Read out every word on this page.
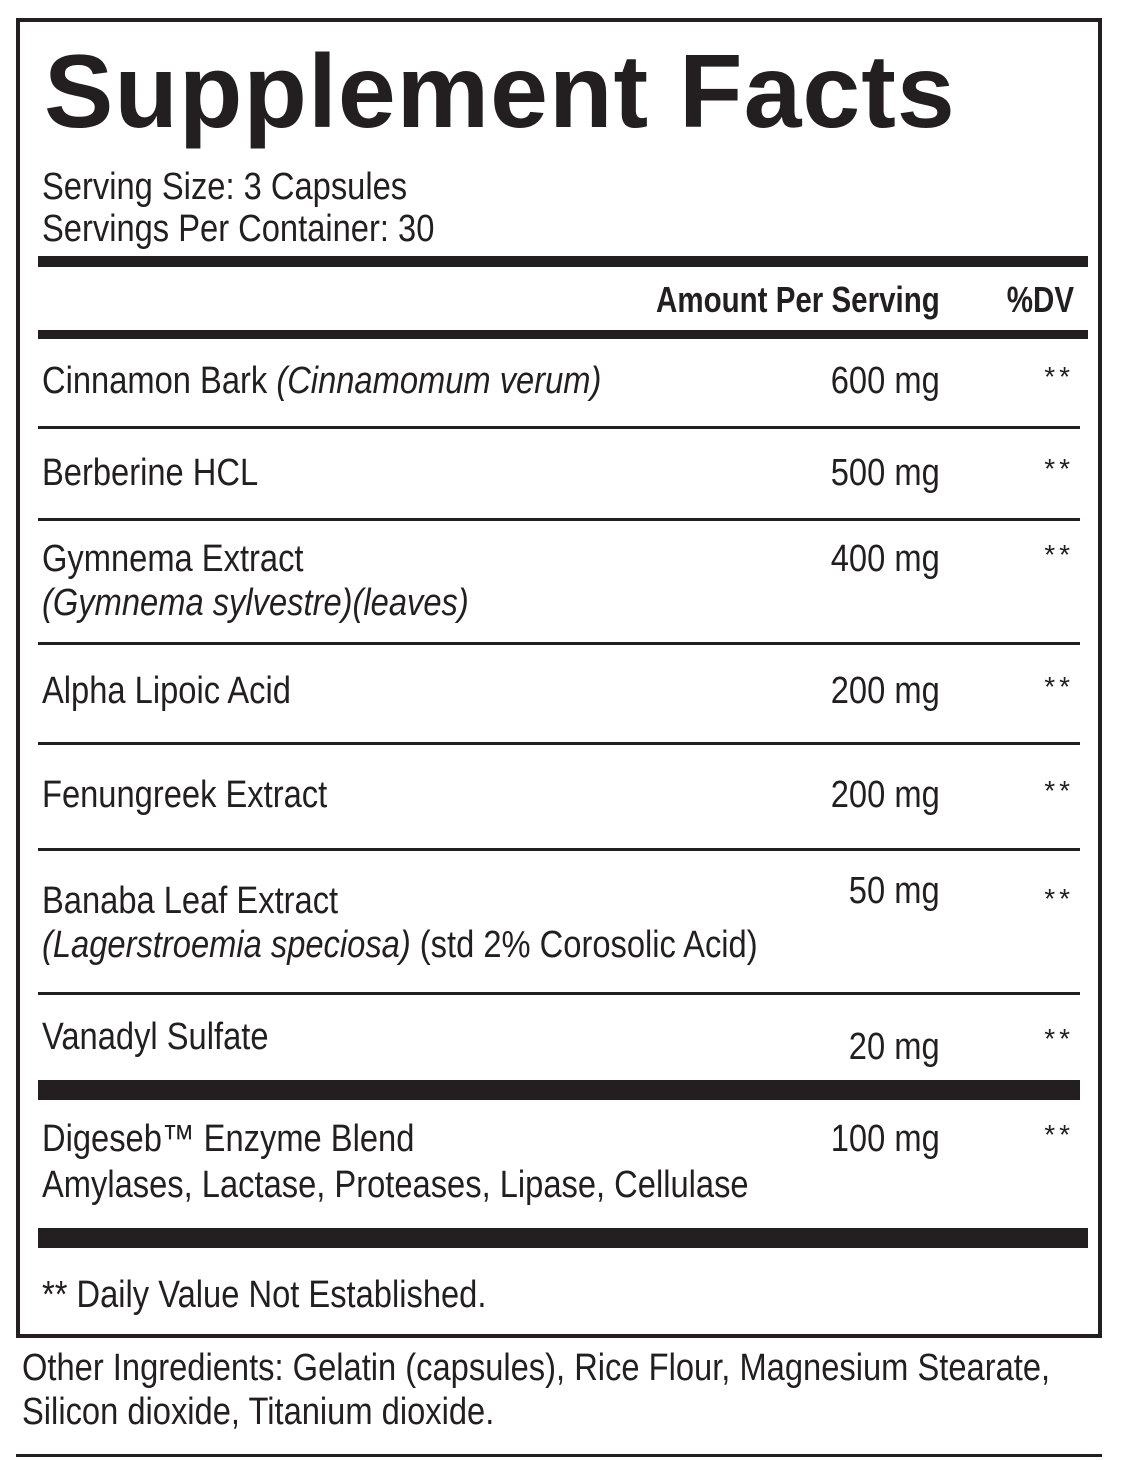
Supplement Facts
Serving Size: 3 Capsules
Servings Per Container: 30
Amount Per Serving %DV
Cinnamon Bark (Cinnamomum verum)	600 mg	**
Berberine HCL	500 mg	**
Gymnema Extract
(Gymnema sylvestre)(leaves)
400 mg	**
Alpha Lipoic Acid	200 mg	**
Fenungreek Extract	200 mg	**
Banaba Leaf Extract
(Lagerstroemia speciosa) (std 2% Corosolic Acid)
50 mg	**
Vanadyl Sulfate	20 mg	**
Digeseb™ Enzyme Blend
Amylases, Lactase, Proteases, Lipase, Cellulase
100 mg	**
** Daily Value Not Established.
Other Ingredients: Gelatin (capsules), Rice Flour, Magnesium Stearate, Silicon dioxide, Titanium dioxide.
